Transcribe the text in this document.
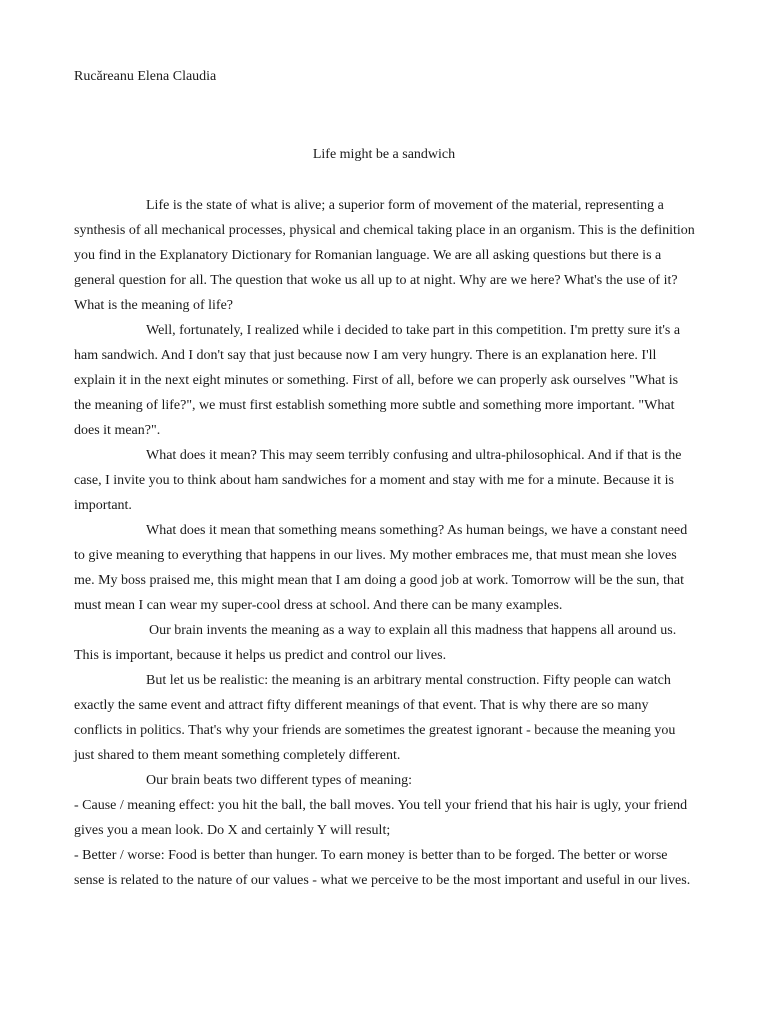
Rucăreanu Elena Claudia
Life might be a sandwich

Life is the state of what is alive; a superior form of movement of the material, representing a synthesis of all mechanical processes, physical and chemical taking place in an organism. This is the definition you find in the Explanatory Dictionary for Romanian language. We are all asking questions but there is a general question for all. The question that woke us all up to at night. Why are we here? What's the use of it? What is the meaning of life?

Well, fortunately, I realized while i decided to take part in this competition. I'm pretty sure it's a ham sandwich. And I don't say that just because now I am very hungry. There is an explanation here. I'll explain it in the next eight minutes or something. First of all, before we can properly ask ourselves "What is the meaning of life?", we must first establish something more subtle and something more important. "What does it mean?".

What does it mean? This may seem terribly confusing and ultra-philosophical. And if that is the case, I invite you to think about ham sandwiches for a moment and stay with me for a minute. Because it is important.

What does it mean that something means something? As human beings, we have a constant need to give meaning to everything that happens in our lives. My mother embraces me, that must mean she loves me. My boss praised me, this might mean that I am doing a good job at work. Tomorrow will be the sun, that must mean I can wear my super-cool dress at school. And there can be many examples.

Our brain invents the meaning as a way to explain all this madness that happens all around us. This is important, because it helps us predict and control our lives.

But let us be realistic: the meaning is an arbitrary mental construction. Fifty people can watch exactly the same event and attract fifty different meanings of that event. That is why there are so many conflicts in politics. That's why your friends are sometimes the greatest ignorant - because the meaning you just shared to them meant something completely different.

Our brain beats two different types of meaning:

- Cause / meaning effect: you hit the ball, the ball moves. You tell your friend that his hair is ugly, your friend gives you a mean look. Do X and certainly Y will result;

- Better / worse: Food is better than hunger. To earn money is better than to be forged. The better or worse sense is related to the nature of our values - what we perceive to be the most important and useful in our lives.
